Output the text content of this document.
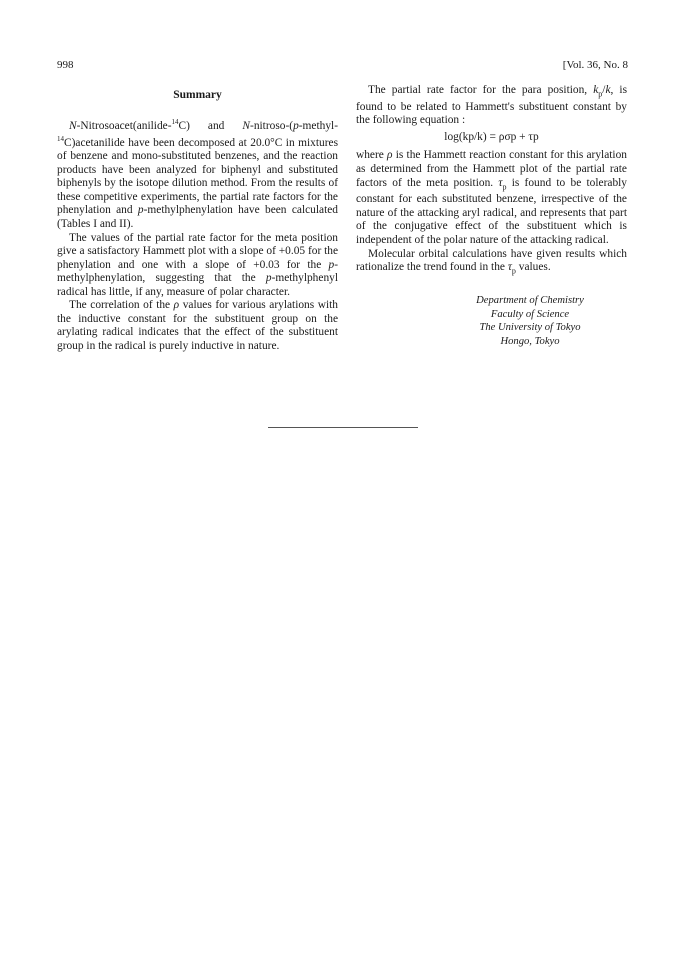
998	[Vol. 36, No. 8
Summary

N-Nitrosoacet(anilide-$^{14}$C) and N-nitroso-(p-methyl-$^{14}$C)acetanilide have been decomposed at 20.0°C in mixtures of benzene and mono-substituted benzenes, and the reaction products have been analyzed for biphenyl and substituted biphenyls by the isotope dilution method. From the results of these competitive experiments, the partial rate factors for the phenylation and p-methylphenylation have been calculated (Tables I and II).

The values of the partial rate factor for the meta position give a satisfactory Hammett plot with a slope of +0.05 for the phenylation and one with a slope of +0.03 for the p-methylphenylation, suggesting that the p-methylphenyl radical has little, if any, measure of polar character.

The correlation of the ρ values for various arylations with the inductive constant for the substituent group on the arylating radical indicates that the effect of the substituent group in the radical is purely inductive in nature.

The partial rate factor for the para position, $k_p/k$, is found to be related to Hammett's substituent constant by the following equation :

log(kp/k) = ρσp + τp

where ρ is the Hammett reaction constant for this arylation as determined from the Hammett plot of the partial rate factors of the meta position. $\tau_p$ is found to be tolerably constant for each substituted benzene, irrespective of the nature of the attacking aryl radical, and represents that part of the conjugative effect of the substituent which is independent of the polar nature of the attacking radical.

Molecular orbital calculations have given results which rationalize the trend found in the $\tau_p$ values.

Department of Chemistry
Faculty of Science
The University of Tokyo
Hongo, Tokyo
